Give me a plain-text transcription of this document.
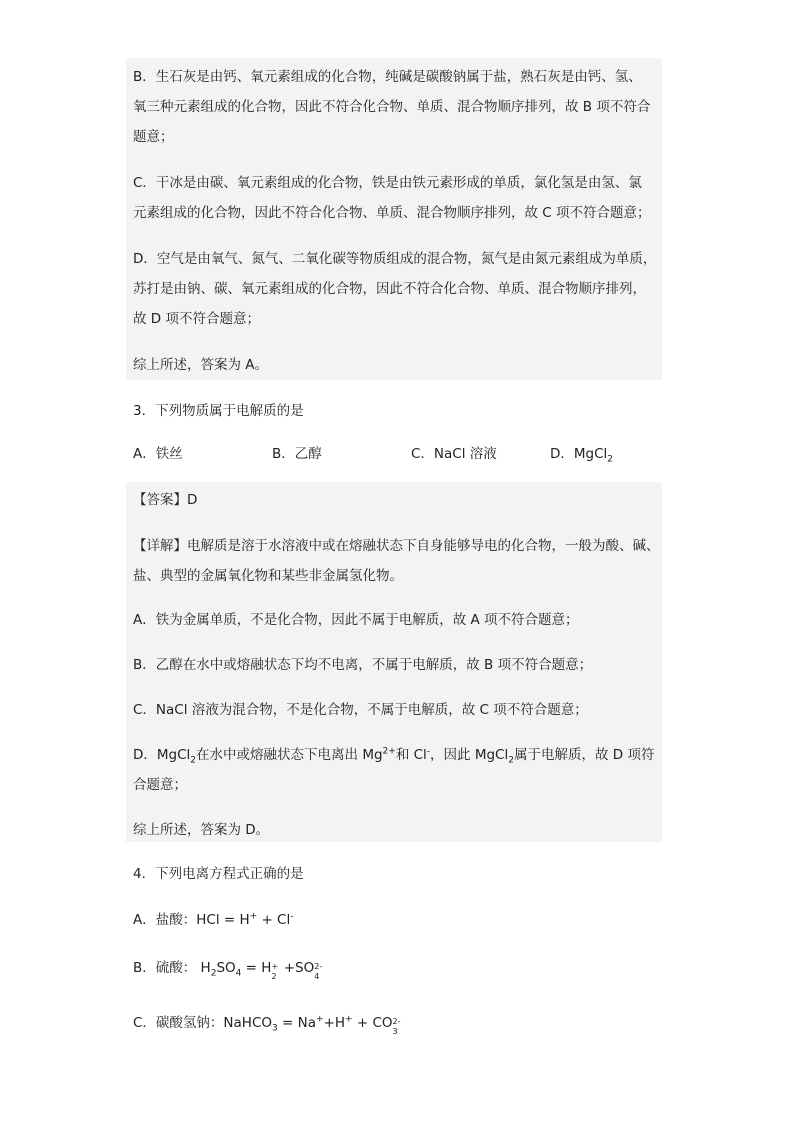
B．生石灰是由钙、氧元素组成的化合物，纯碱是碳酸钠属于盐，熟石灰是由钙、氢、
氧三种元素组成的化合物，因此不符合化合物、单质、混合物顺序排列，故 B 项不符合
题意；
C．干冰是由碳、氧元素组成的化合物，铁是由铁元素形成的单质，氯化氢是由氢、氯
元素组成的化合物，因此不符合化合物、单质、混合物顺序排列，故 C 项不符合题意；
D．空气是由氧气、氮气、二氧化碳等物质组成的混合物，氮气是由氮元素组成为单质，
苏打是由钠、碳、氧元素组成的化合物，因此不符合化合物、单质、混合物顺序排列，
故 D 项不符合题意；
综上所述，答案为 A。
3．下列物质属于电解质的是
A．铁丝	B．乙醇	C．NaCl 溶液	D．MgCl$_2$
【答案】D
【详解】电解质是溶于水溶液中或在熔融状态下自身能够导电的化合物，一般为酸、碱、
盐、典型的金属氧化物和某些非金属氢化物。
A．铁为金属单质，不是化合物，因此不属于电解质，故 A 项不符合题意；
B．乙醇在水中或熔融状态下均不电离，不属于电解质，故 B 项不符合题意；
C．NaCl 溶液为混合物，不是化合物，不属于电解质，故 C 项不符合题意；
D．MgCl$_2$在水中或熔融状态下电离出 $Mg^{2+}$和 Cl-，因此 MgCl$_2$属于电解质，故 D 项符
合题意；
综上所述，答案为 D。
4．下列电离方程式正确的是
A．盐酸：HCl = H+ + Cl-
B．硫酸： $H_2SO_4 = H$ +
2
+SO 2-
4
C．碳酸氢钠：NaHCO$_3$ = Na++H+ + CO 2-
3
